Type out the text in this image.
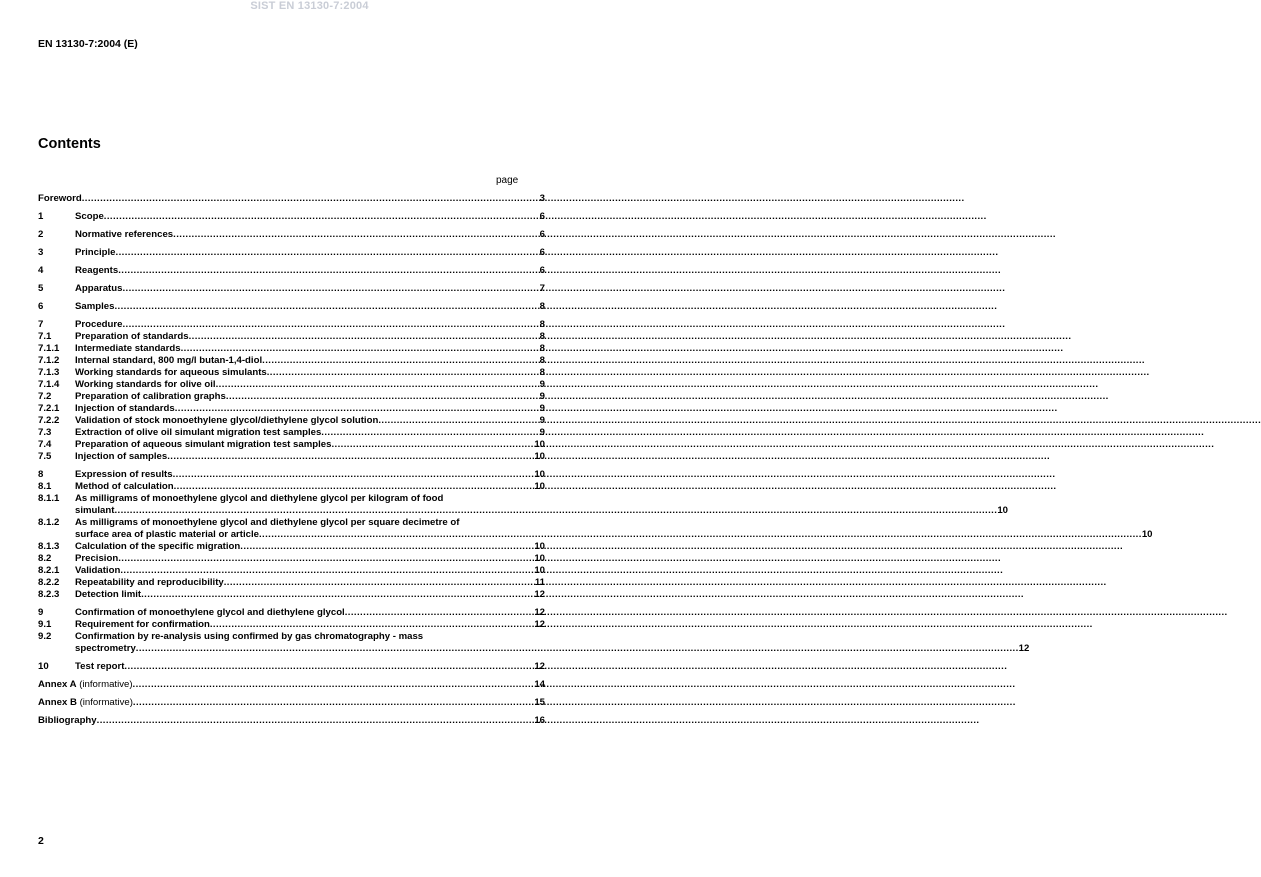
SIST EN 13130-7:2004
EN 13130-7:2004 (E)
Contents
page
Foreword .....	3
1	Scope .....	6
2	Normative references .....	6
3	Principle .....	6
4	Reagents .....	6
5	Apparatus .....	7
6	Samples .....	8
7	Procedure .....	8
7.1	Preparation of standards .....	8
7.1.1	Intermediate standards .....	8
7.1.2	Internal standard, 800 mg/l butan-1,4-diol .....	8
7.1.3	Working standards for aqueous simulants .....	8
7.1.4	Working standards for olive oil .....	9
7.2	Preparation of calibration graphs .....	9
7.2.1	Injection of standards .....	9
7.2.2	Validation of stock monoethylene glycol/diethylene glycol solution .....	9
7.3	Extraction of olive oil simulant migration test samples .....	9
7.4	Preparation of aqueous simulant migration test samples .....	10
7.5	Injection of samples .....	10
8	Expression of results .....	10
8.1	Method of calculation .....	10
8.1.1	As milligrams of monoethylene glycol and diethylene glycol per kilogram of food
simulant .....	10
8.1.2	As milligrams of monoethylene glycol and diethylene glycol per square decimetre of
surface area of plastic material or article .....	10
8.1.3	Calculation of the specific migration .....	10
8.2	Precision .....	10
8.2.1	Validation .....	10
8.2.2	Repeatability and reproducibility .....	11
8.2.3	Detection limit .....	12
9	Confirmation of monoethylene glycol and diethylene glycol .....	12
9.1	Requirement for confirmation .....	12
9.2	Confirmation by re-analysis using confirmed by gas chromatography - mass
spectrometry .....	12
10	Test report .....	12
Annex A (informative) .....	14
Annex B (informative) .....	15
Bibliography .....	16
2
